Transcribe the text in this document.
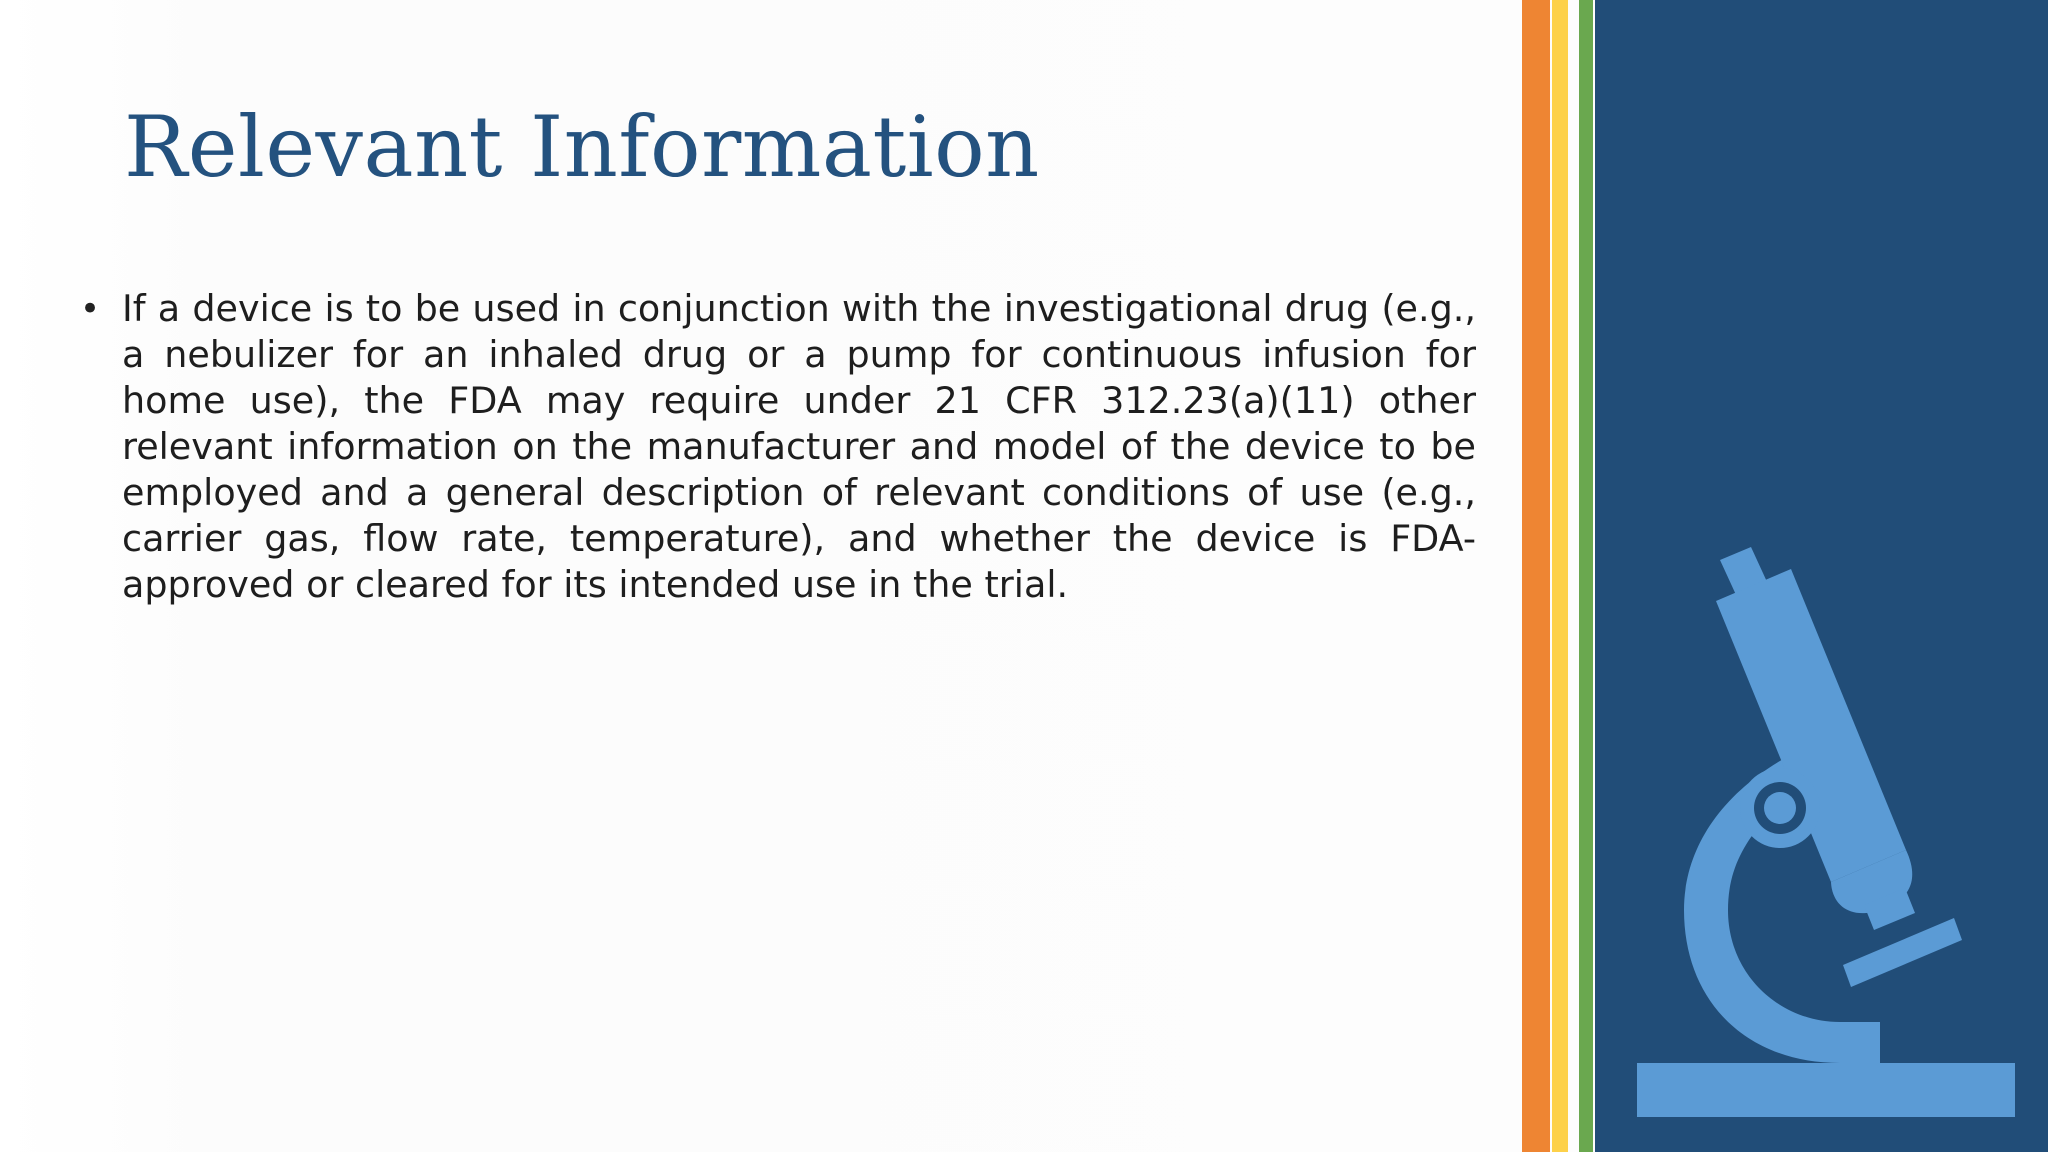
Relevant Information
• If a device is to be used in conjunction with the investigational drug (e.g., a nebulizer for an inhaled drug or a pump for continuous infusion for home use), the FDA may require under 21 CFR 312.23(a)(11) other relevant information on the manufacturer and model of the device to be employed and a general description of relevant conditions of use (e.g., carrier gas, flow rate, temperature), and whether the device is FDA-approved or cleared for its intended use in the trial.
